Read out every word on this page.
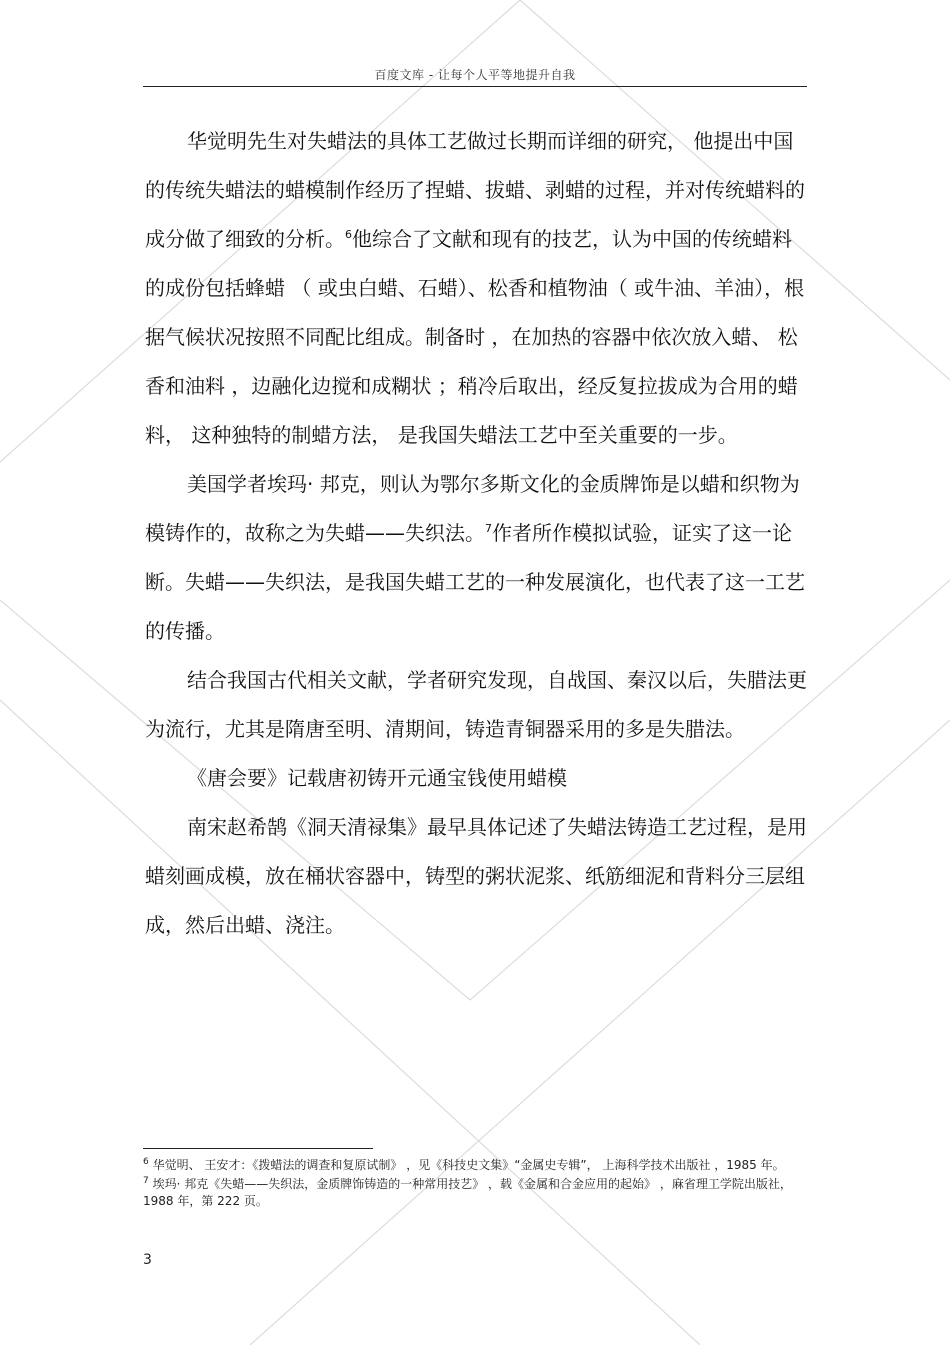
百度文库 - 让每个人平等地提升自我

华觉明先生对失蜡法的具体工艺做过长期而详细的研究， 他提出中国的传统失蜡法的蜡模制作经历了捏蜡、拔蜡、剥蜡的过程，并对传统蜡料的成分做了细致的分析。$^6$他综合了文献和现有的技艺，认为中国的传统蜡料的成份包括蜂蜡 （ 或虫白蜡、石蜡）、松香和植物油（ 或牛油、羊油），根据气候状况按照不同配比组成。制备时 ，在加热的容器中依次放入蜡、 松香和油料 ，边融化边搅和成糊状 ；稍冷后取出，经反复拉拔成为合用的蜡料， 这种独特的制蜡方法， 是我国失蜡法工艺中至关重要的一步。

美国学者埃玛· 邦克，则认为鄂尔多斯文化的金质牌饰是以蜡和织物为模铸作的，故称之为失蜡——失织法。$^7$作者所作模拟试验，证实了这一论断。失蜡——失织法，是我国失蜡工艺的一种发展演化，也代表了这一工艺的传播。

结合我国古代相关文献，学者研究发现，自战国、秦汉以后，失腊法更为流行，尤其是隋唐至明、清期间，铸造青铜器采用的多是失腊法。

《唐会要》记载唐初铸开元通宝钱使用蜡模

南宋赵希鹄《洞天清禄集》最早具体记述了失蜡法铸造工艺过程，是用蜡刻画成模，放在桶状容器中，铸型的粥状泥浆、纸筋细泥和背料分三层组成，然后出蜡、浇注。

$^6$ 华觉明、 王安才：《拨蜡法的调查和复原试制》 ，见《科技史文集》“金属史专辑”， 上海科学技术出版社 ，1985 年。

$^7$ 埃玛· 邦克《失蜡——失织法，金质牌饰铸造的一种常用技艺》 ，载《金属和合金应用的起始》 ，麻省理工学院出版社， 1988 年，第 222 页。

3
